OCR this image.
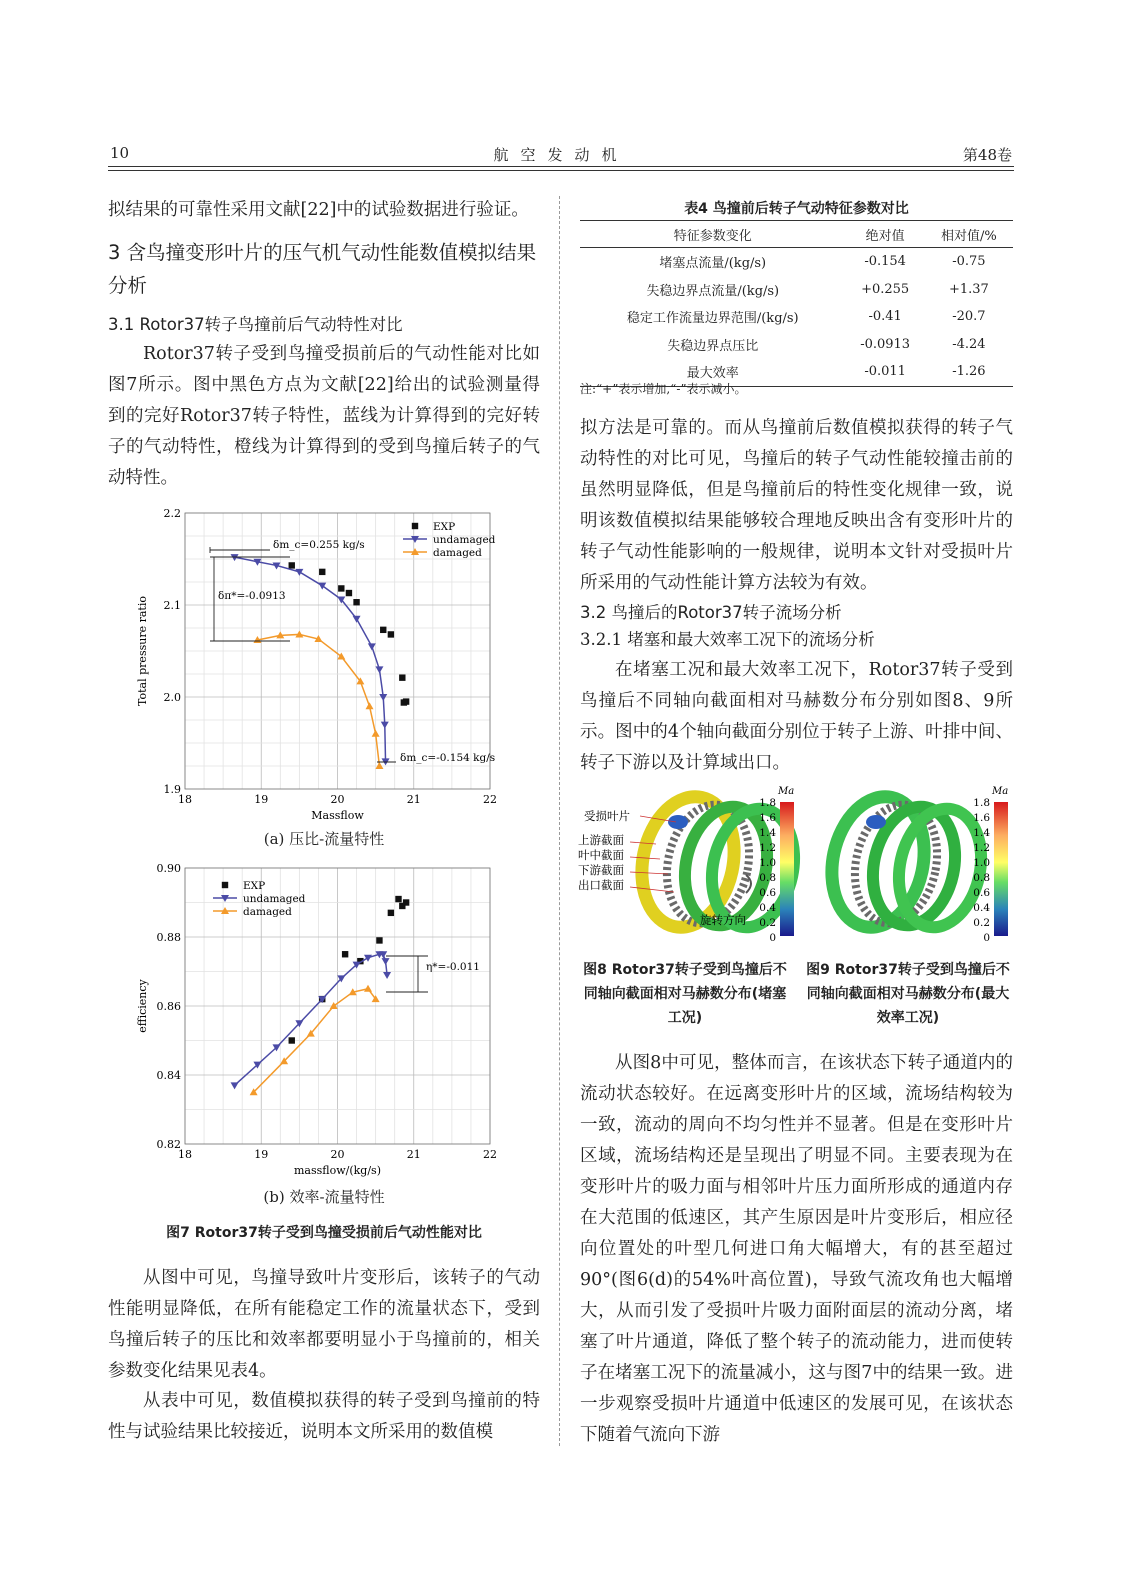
10	航空发动机	第48卷
拟结果的可靠性采用文献[22]中的试验数据进行验证。
3 含鸟撞变形叶片的压气机气动性能数值模拟结果分析
3.1 Rotor37转子鸟撞前后气动特性对比
Rotor37转子受到鸟撞受损前后的气动性能对比如图7所示。图中黑色方点为文献[22]给出的试验测量得到的完好Rotor37转子特性，蓝线为计算得到的完好转子的气动特性，橙线为计算得到的受到鸟撞后转子的气动特性。
18	19	20	21	22
1.9
2.0
2.1
2.2
Massflow
Total pressure ratio
EXP
undamaged
damaged
δm_c=0.255 kg/s
δπ*=-0.0913
δm_c=-0.154 kg/s
(a) 压比-流量特性
18	19	20	21	22
0.82
0.84
0.86
0.88
0.90
massflow/(kg/s)
efficiency
EXP
undamaged
damaged
η*=-0.011
(b) 效率-流量特性
图7 Rotor37转子受到鸟撞受损前后气动性能对比
从图中可见，鸟撞导致叶片变形后，该转子的气动性能明显降低，在所有能稳定工作的流量状态下，受到鸟撞后转子的压比和效率都要明显小于鸟撞前的，相关参数变化结果见表4。
从表中可见，数值模拟获得的转子受到鸟撞前的特性与试验结果比较接近，说明本文所采用的数值模
表4 鸟撞前后转子气动特征参数对比
特征参数变化	绝对值	相对值/%
堵塞点流量/(kg/s)	-0.154	-0.75
失稳边界点流量/(kg/s)	+0.255	+1.37
稳定工作流量边界范围/(kg/s)	-0.41	-20.7
失稳边界点压比	-0.0913	-4.24
最大效率	-0.011	-1.26
注:“+”表示增加,“-”表示减小。
拟方法是可靠的。而从鸟撞前后数值模拟获得的转子气动特性的对比可见，鸟撞后的转子气动性能较撞击前的虽然明显降低，但是鸟撞前后的特性变化规律一致，说明该数值模拟结果能够较合理地反映出含有变形叶片的转子气动性能影响的一般规律，说明本文针对受损叶片所采用的气动性能计算方法较为有效。
3.2 鸟撞后的Rotor37转子流场分析
3.2.1 堵塞和最大效率工况下的流场分析
在堵塞工况和最大效率工况下，Rotor37转子受到鸟撞后不同轴向截面相对马赫数分布分别如图8、9所示。图中的4个轴向截面分别位于转子上游、叶排中间、转子下游以及计算域出口。
受损叶片
上游截面
叶中截面
下游截面
出口截面
旋转方向
Ma
1.8
1.6
1.4
1.2
1.0
0.8
0.6
0.4
0.2
0
Ma
1.8
1.6
1.4
1.2
1.0
0.8
0.6
0.4
0.2
0
图8 Rotor37转子受到鸟撞后不同轴向截面相对马赫数分布(堵塞工况)
图9 Rotor37转子受到鸟撞后不同轴向截面相对马赫数分布(最大效率工况)
从图8中可见，整体而言，在该状态下转子通道内的流动状态较好。在远离变形叶片的区域，流场结构较为一致，流动的周向不均匀性并不显著。但是在变形叶片区域，流场结构还是呈现出了明显不同。主要表现为在变形叶片的吸力面与相邻叶片压力面所形成的通道内存在大范围的低速区，其产生原因是叶片变形后，相应径向位置处的叶型几何进口角大幅增大，有的甚至超过90°(图6(d)的54%叶高位置)，导致气流攻角也大幅增大，从而引发了受损叶片吸力面附面层的流动分离，堵塞了叶片通道，降低了整个转子的流动能力，进而使转子在堵塞工况下的流量减小，这与图7中的结果一致。进一步观察受损叶片通道中低速区的发展可见，在该状态下随着气流向下游
